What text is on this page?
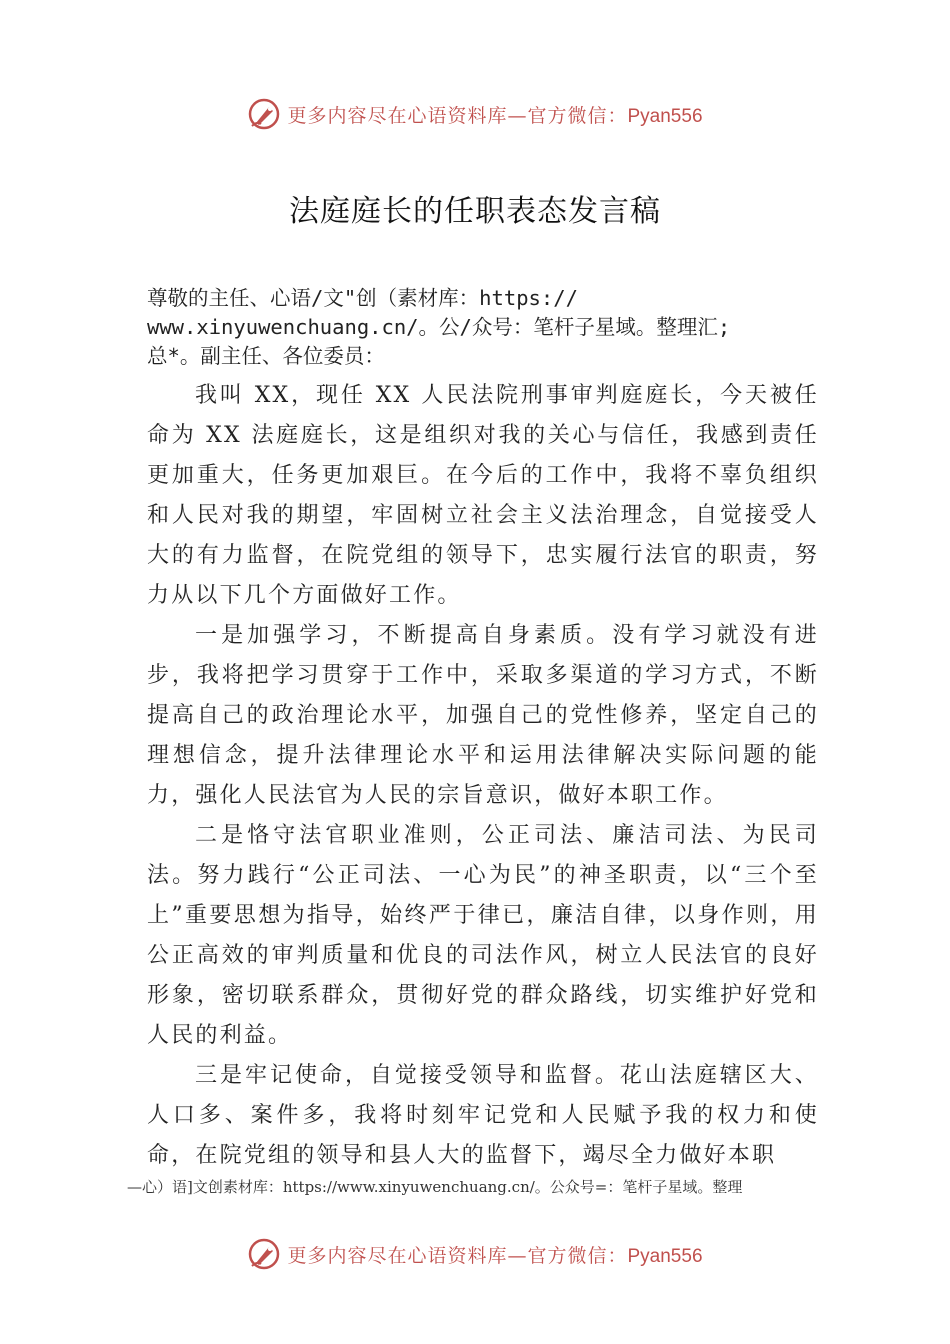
更多内容尽在心语资料库—官方微信：Pyan556
法庭庭长的任职表态发言稿
尊敬的主任、心语/文"创（素材库：https://
www.xinyuwenchuang.cn/。公/众号：笔杆子星域。整理汇;
总*。副主任、各位委员：

我叫 XX，现任 XX 人民法院刑事审判庭庭长，今天被任命为 XX 法庭庭长，这是组织对我的关心与信任，我感到责任更加重大，任务更加艰巨。在今后的工作中，我将不辜负组织和人民对我的期望，牢固树立社会主义法治理念，自觉接受人大的有力监督，在院党组的领导下，忠实履行法官的职责，努力从以下几个方面做好工作。

一是加强学习，不断提高自身素质。没有学习就没有进步，我将把学习贯穿于工作中，采取多渠道的学习方式，不断提高自己的政治理论水平，加强自己的党性修养，坚定自己的理想信念，提升法律理论水平和运用法律解决实际问题的能力，强化人民法官为人民的宗旨意识，做好本职工作。

二是恪守法官职业准则，公正司法、廉洁司法、为民司法。努力践行“公正司法、一心为民”的神圣职责，以“三个至上”重要思想为指导，始终严于律已，廉洁自律，以身作则，用公正高效的审判质量和优良的司法作风，树立人民法官的良好形象，密切联系群众，贯彻好党的群众路线，切实维护好党和人民的利益。

三是牢记使命，自觉接受领导和监督。花山法庭辖区大、人口多、案件多，我将时刻牢记党和人民赋予我的权力和使命，在院党组的领导和县人大的监督下，竭尽全力做好本职

—心）语]文创素材库：https://www.xinyuwenchuang.cn/。公众号=：笔杆子星域。整理
更多内容尽在心语资料库—官方微信：Pyan556
